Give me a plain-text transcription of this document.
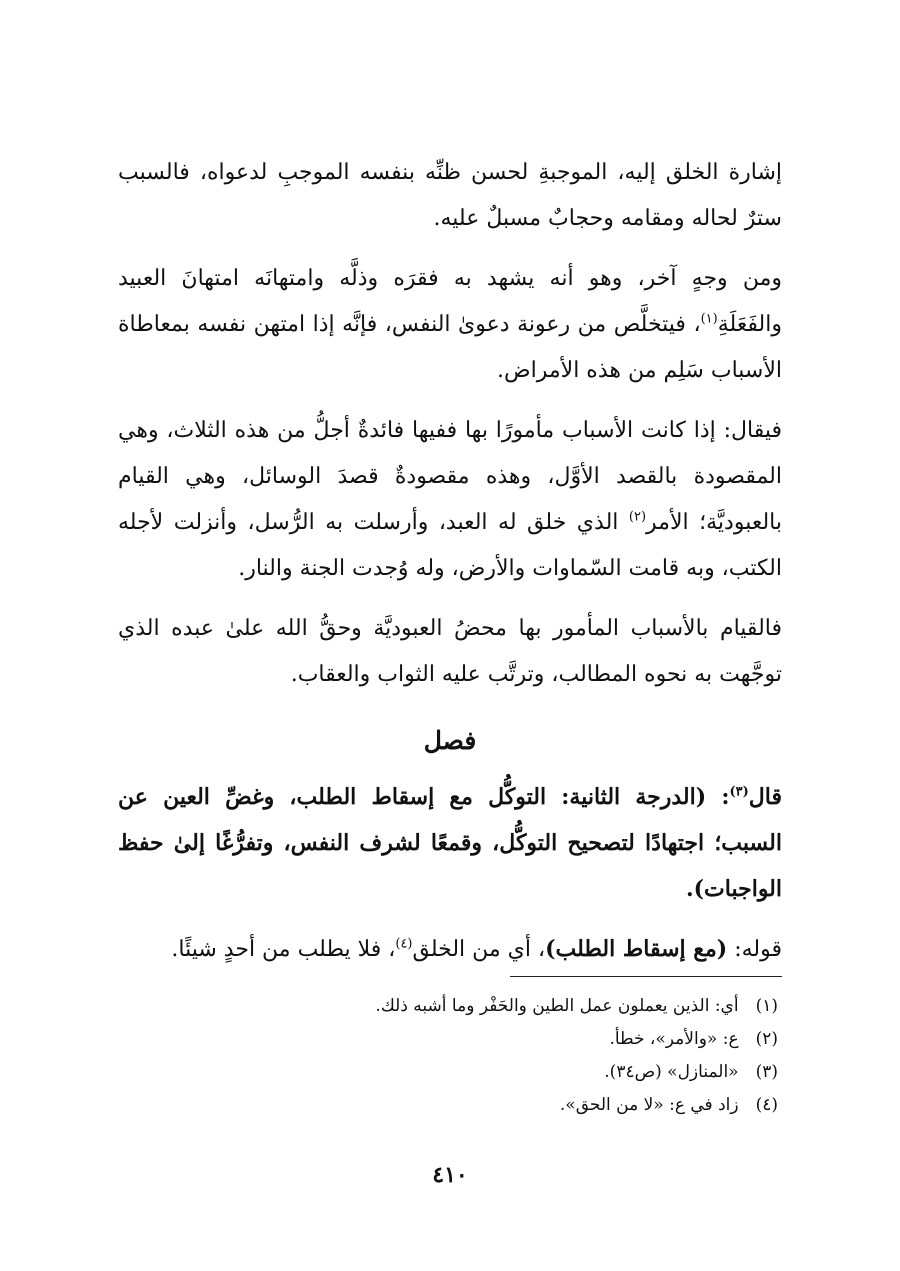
إشارة الخلق إليه، الموجبةِ لحسن ظنِّه بنفسه الموجبِ لدعواه، فالسبب سترٌ لحاله ومقامه وحجابٌ مسبلٌ عليه.

ومن وجهٍ آخر، وهو أنه يشهد به فقرَه وذلَّه وامتهانَه امتهانَ العبيد والفَعَلَةِ$^{(١)}$، فيتخلَّص من رعونة دعوىٰ النفس، فإنَّه إذا امتهن نفسه بمعاطاة الأسباب سَلِم من هذه الأمراض.

فيقال: إذا كانت الأسباب مأمورًا بها ففيها فائدةٌ أجلُّ من هذه الثلاث، وهي المقصودة بالقصد الأوَّل، وهذه مقصودةٌ قصدَ الوسائل، وهي القيام بالعبوديَّة؛ الأمر$^{(٢)}$ الذي خلق له العبد، وأرسلت به الرُّسل، وأنزلت لأجله الكتب، وبه قامت السّماوات والأرض، وله وُجدت الجنة والنار.

فالقيام بالأسباب المأمور بها محضُ العبوديَّة وحقُّ الله علىٰ عبده الذي توجَّهت به نحوه المطالب، وترتَّب عليه الثواب والعقاب.

فصل

قال$^{(٣)}$: (الدرجة الثانية: التوكُّل مع إسقاط الطلب، وغضِّ العين عن السبب؛ اجتهادًا لتصحيح التوكُّل، وقمعًا لشرف النفس، وتفرُّغًا إلىٰ حفظ الواجبات).

قوله: (مع إسقاط الطلب)، أي من الخلق$^{(٤)}$، فلا يطلب من أحدٍ شيئًا.

(١) أي: الذين يعملون عمل الطين والحَفْر وما أشبه ذلك.
(٢) ع: «والأمر»، خطأ.
(٣) «المنازل» (ص٣٤).
(٤) زاد في ع: «لا من الحق».
٤١٠
